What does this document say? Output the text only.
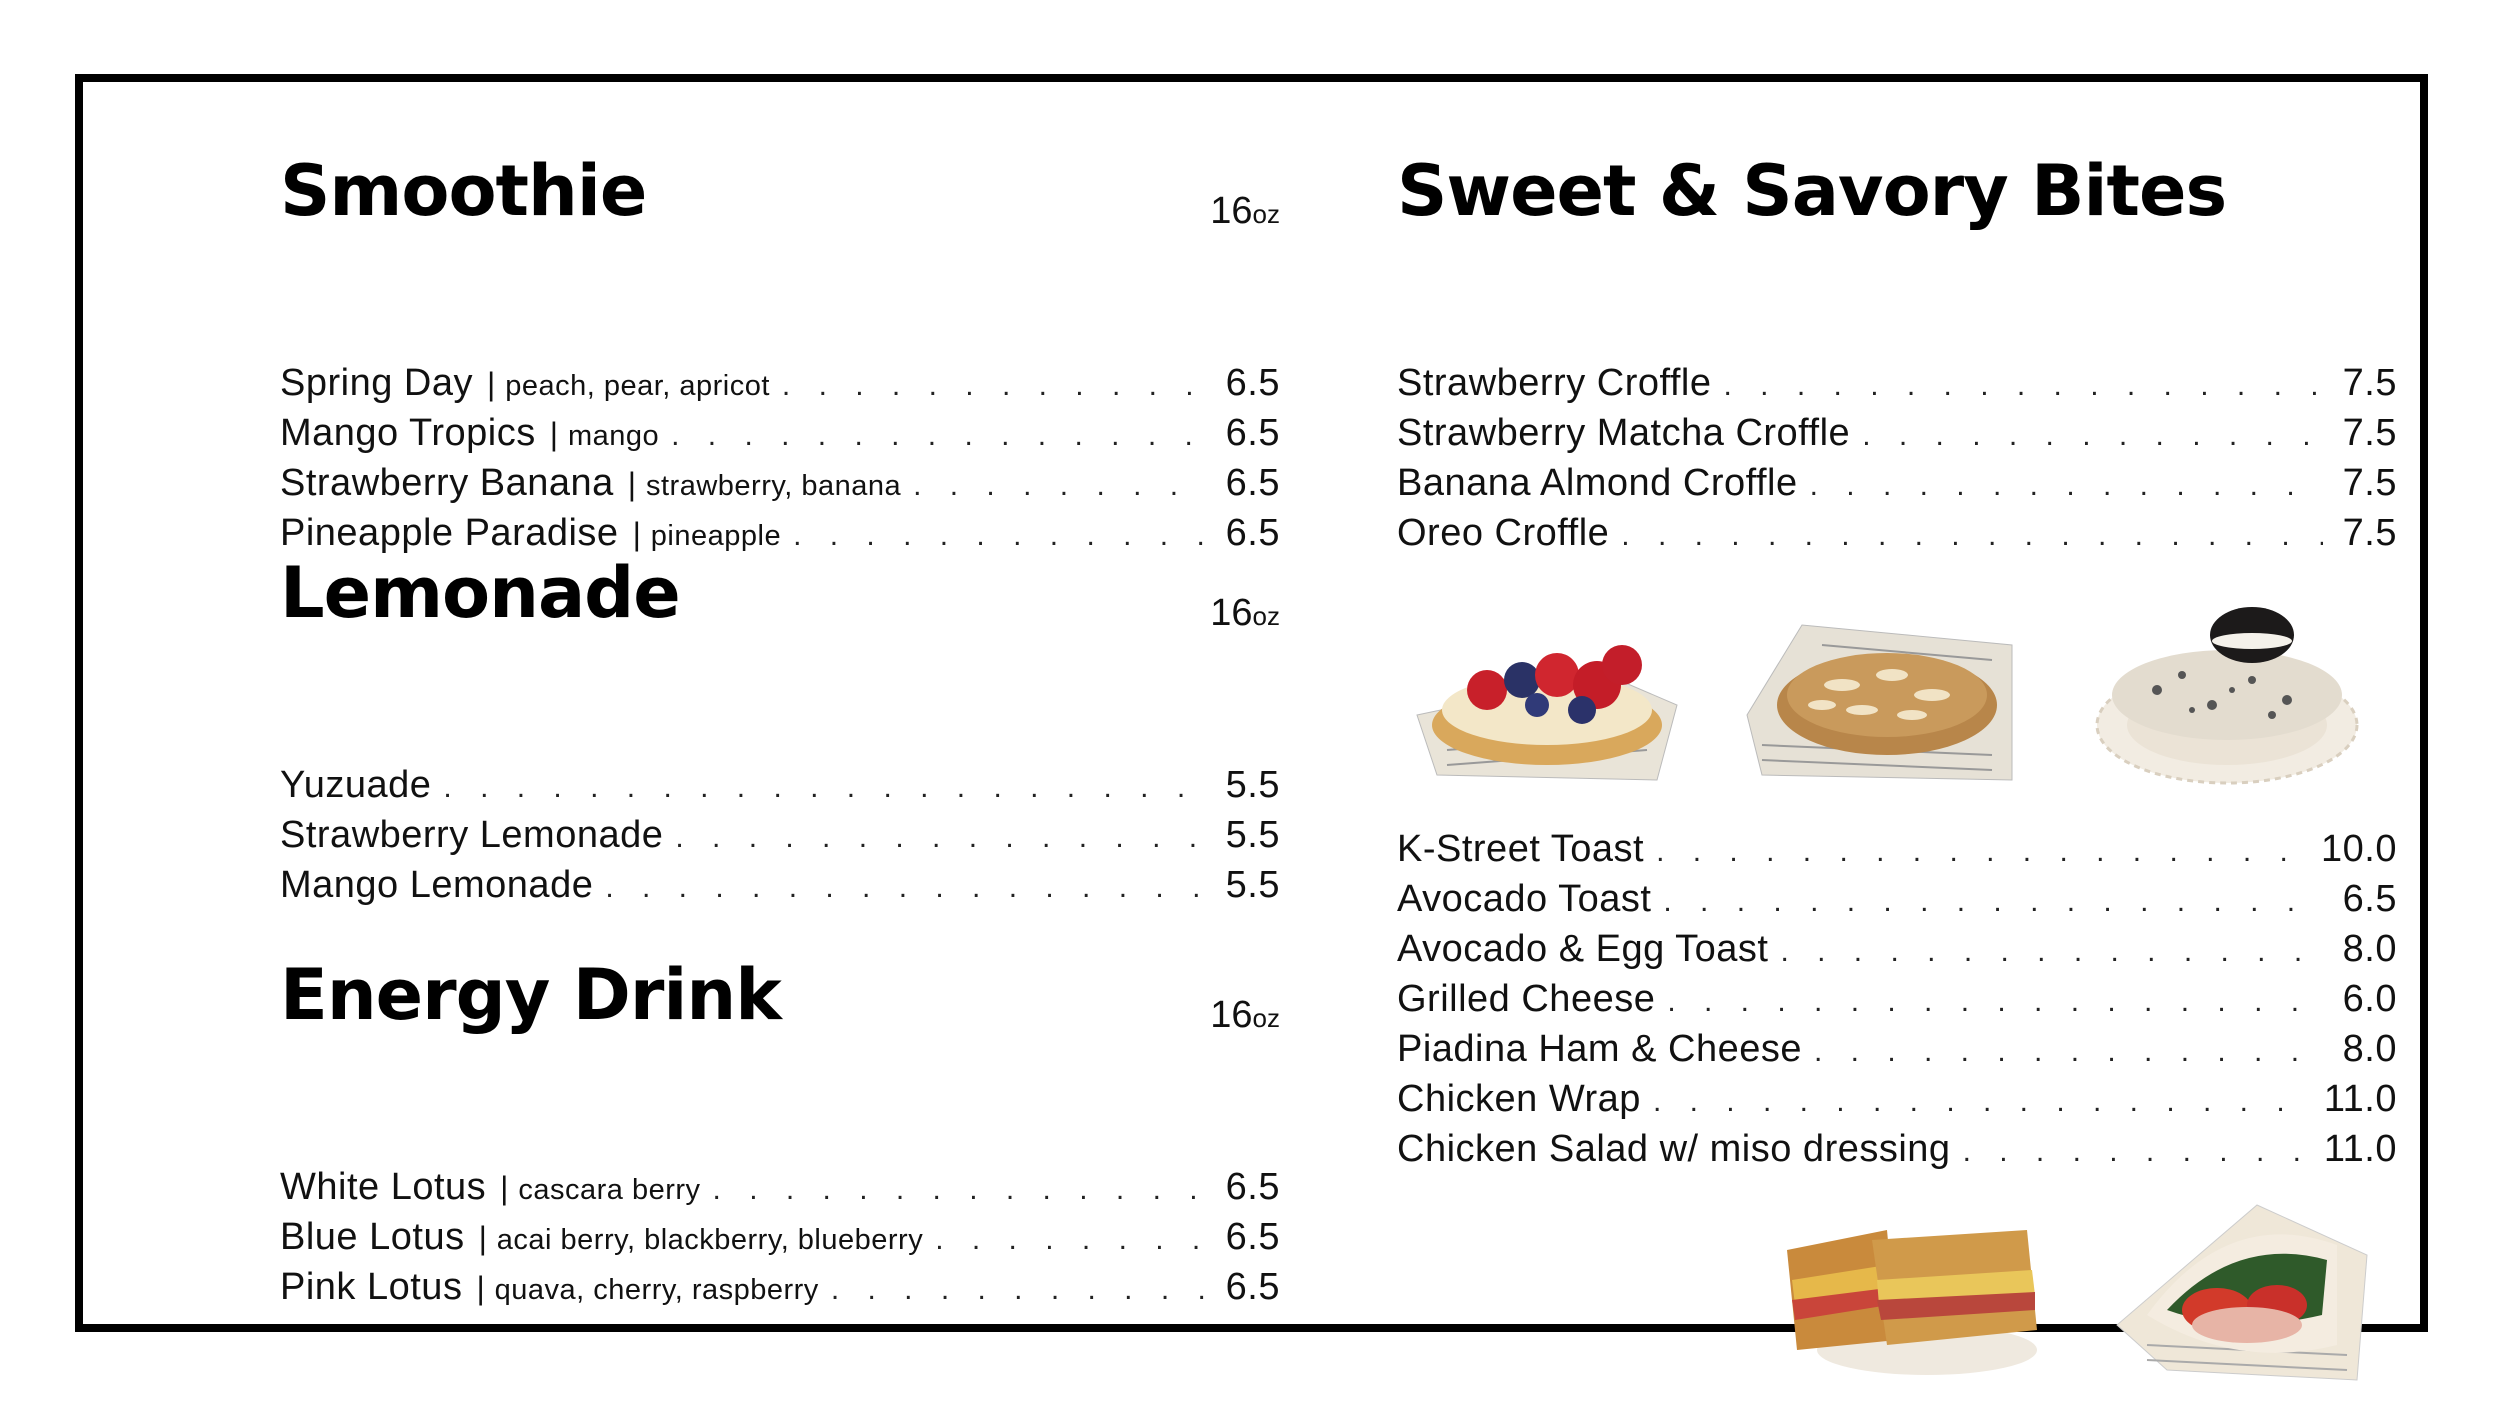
Smoothie	16oz
Spring Day	| peach, pear, apricot . . .	6.5
Mango Tropics	| mango . . .	6.5
Strawberry Banana	| strawberry, banana . . .	6.5
Pineapple Paradise	| pineapple . . .	6.5
Lemonade	16oz
Yuzuade . . .	5.5
Strawberry Lemonade . . .	5.5
Mango Lemonade . . .	5.5
Energy Drink	16oz
White Lotus	| cascara berry . . .	6.5
Blue Lotus	| acai berry, blackberry, blueberry . . .	6.5
Pink Lotus	| quava, cherry, raspberry . . .	6.5
Sweet & Savory Bites
Strawberry Croffle . . .	7.5
Strawberry Matcha Croffle . . .	7.5
Banana Almond Croffle . . .	7.5
Oreo Croffle . . .	7.5
K-Street Toast . . .	10.0
Avocado Toast . . .	6.5
Avocado & Egg Toast . . .	8.0
Grilled Cheese . . .	6.0
Piadina Ham & Cheese . . .	8.0
Chicken Wrap . . .	11.0
Chicken Salad w/ miso dressing . . .	11.0
